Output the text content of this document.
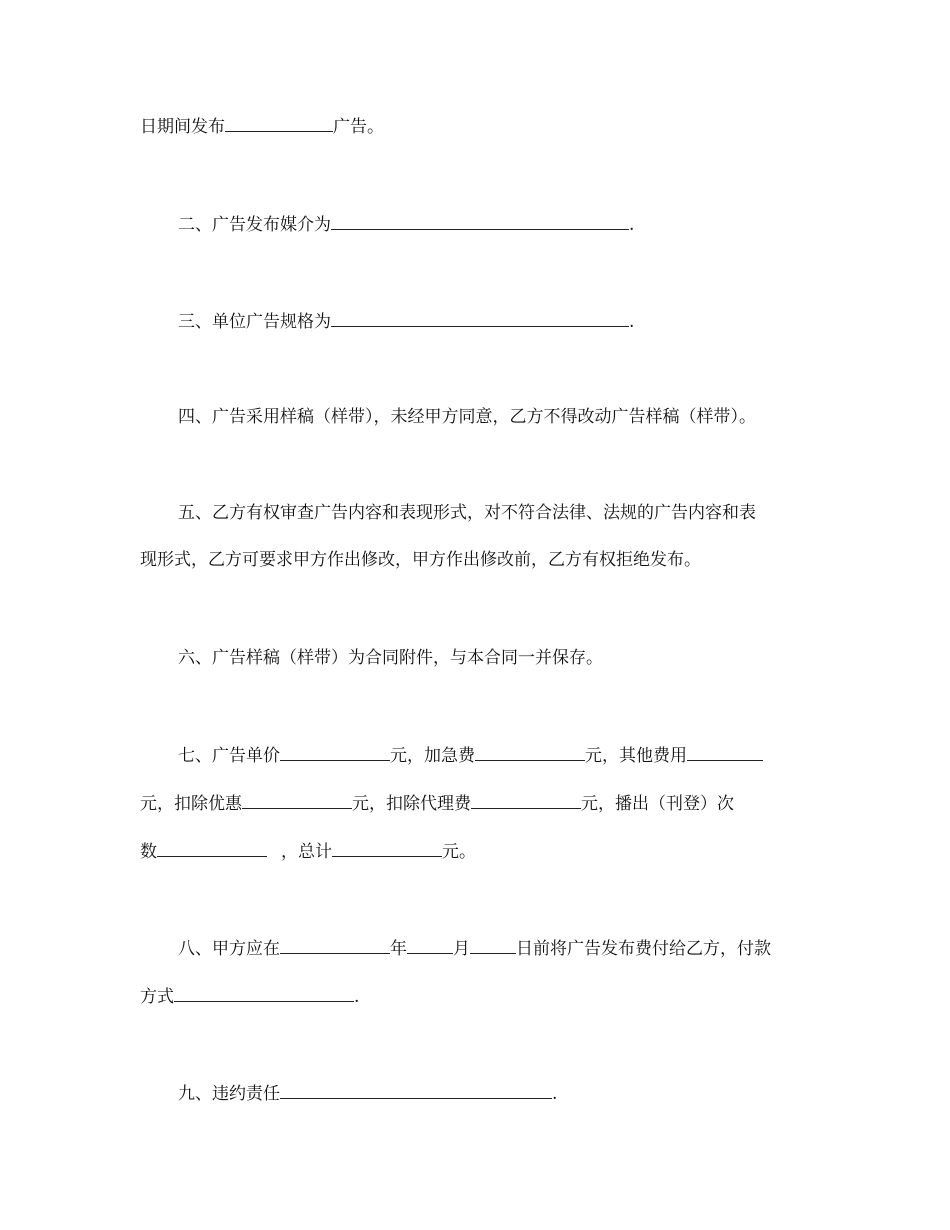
日期间发布	广告。
二、广告发布媒介为	.
三、单位广告规格为	.
四、广告采用样稿（样带），未经甲方同意，乙方不得改动广告样稿（样带）。
五、乙方有权审查广告内容和表现形式，对不符合法律、法规的广告内容和表
现形式，乙方可要求甲方作出修改，甲方作出修改前，乙方有权拒绝发布。
六、广告样稿（样带）为合同附件，与本合同一并保存。
七、广告单价	元，加急费	元，其他费用
元，扣除优惠	元，扣除代理费	元，播出（刊登）次
数	，总计	元。
八、甲方应在	年	月	日前将广告发布费付给乙方，付款
方式	.
九、违约责任	.
